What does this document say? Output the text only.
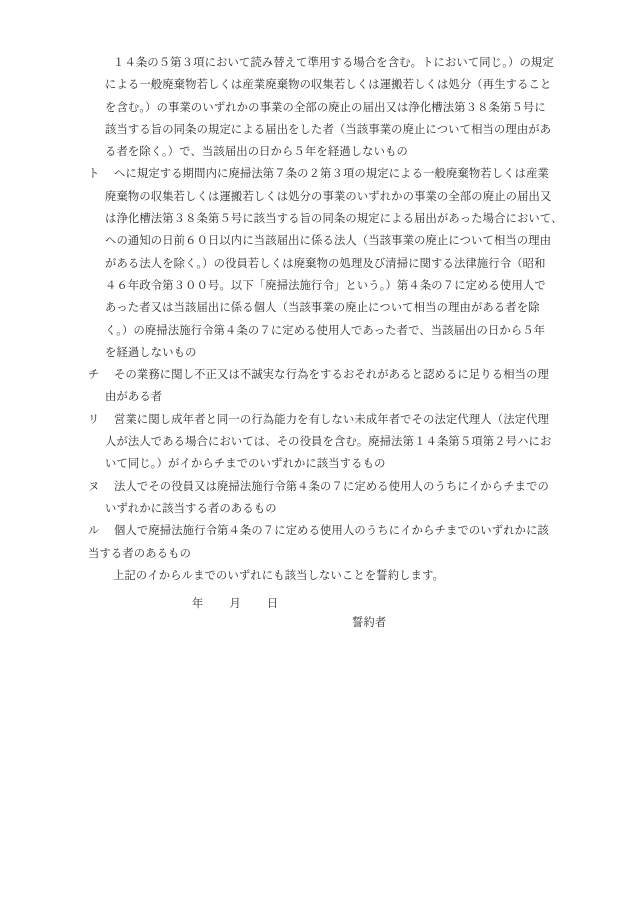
１４条の５第３項において読み替えて準用する場合を含む。トにおいて同じ。）の規定
による一般廃棄物若しくは産業廃棄物の収集若しくは運搬若しくは処分（再生すること
を含む。）の事業のいずれかの事業の全部の廃止の届出又は浄化槽法第３８条第５号に
該当する旨の同条の規定による届出をした者（当該事業の廃止について相当の理由があ
る者を除く。）で、当該届出の日から５年を経過しないもの
ト ヘに規定する期間内に廃掃法第７条の２第３項の規定による一般廃棄物若しくは産業
廃棄物の収集若しくは運搬若しくは処分の事業のいずれかの事業の全部の廃止の届出又
は浄化槽法第３８条第５号に該当する旨の同条の規定による届出があった場合において、
ヘの通知の日前６０日以内に当該届出に係る法人（当該事業の廃止について相当の理由
がある法人を除く。）の役員若しくは廃棄物の処理及び清掃に関する法律施行令（昭和
４６年政令第３００号。以下「廃掃法施行令」という。）第４条の７に定める使用人で
あった者又は当該届出に係る個人（当該事業の廃止について相当の理由がある者を除
く。）の廃掃法施行令第４条の７に定める使用人であった者で、当該届出の日から５年
を経過しないもの
チ その業務に関し不正又は不誠実な行為をするおそれがあると認めるに足りる相当の理
由がある者
リ 営業に関し成年者と同一の行為能力を有しない未成年者でその法定代理人（法定代理
人が法人である場合においては、その役員を含む。廃掃法第１４条第５項第２号ハにお
いて同じ。）がイからチまでのいずれかに該当するもの
ヌ 法人でその役員又は廃掃法施行令第４条の７に定める使用人のうちにイからチまでの
いずれかに該当する者のあるもの
ル 個人で廃掃法施行令第４条の７に定める使用人のうちにイからチまでのいずれかに該
当する者のあるもの
上記のイからルまでのいずれにも該当しないことを誓約します。
年 月 日
誓約者
